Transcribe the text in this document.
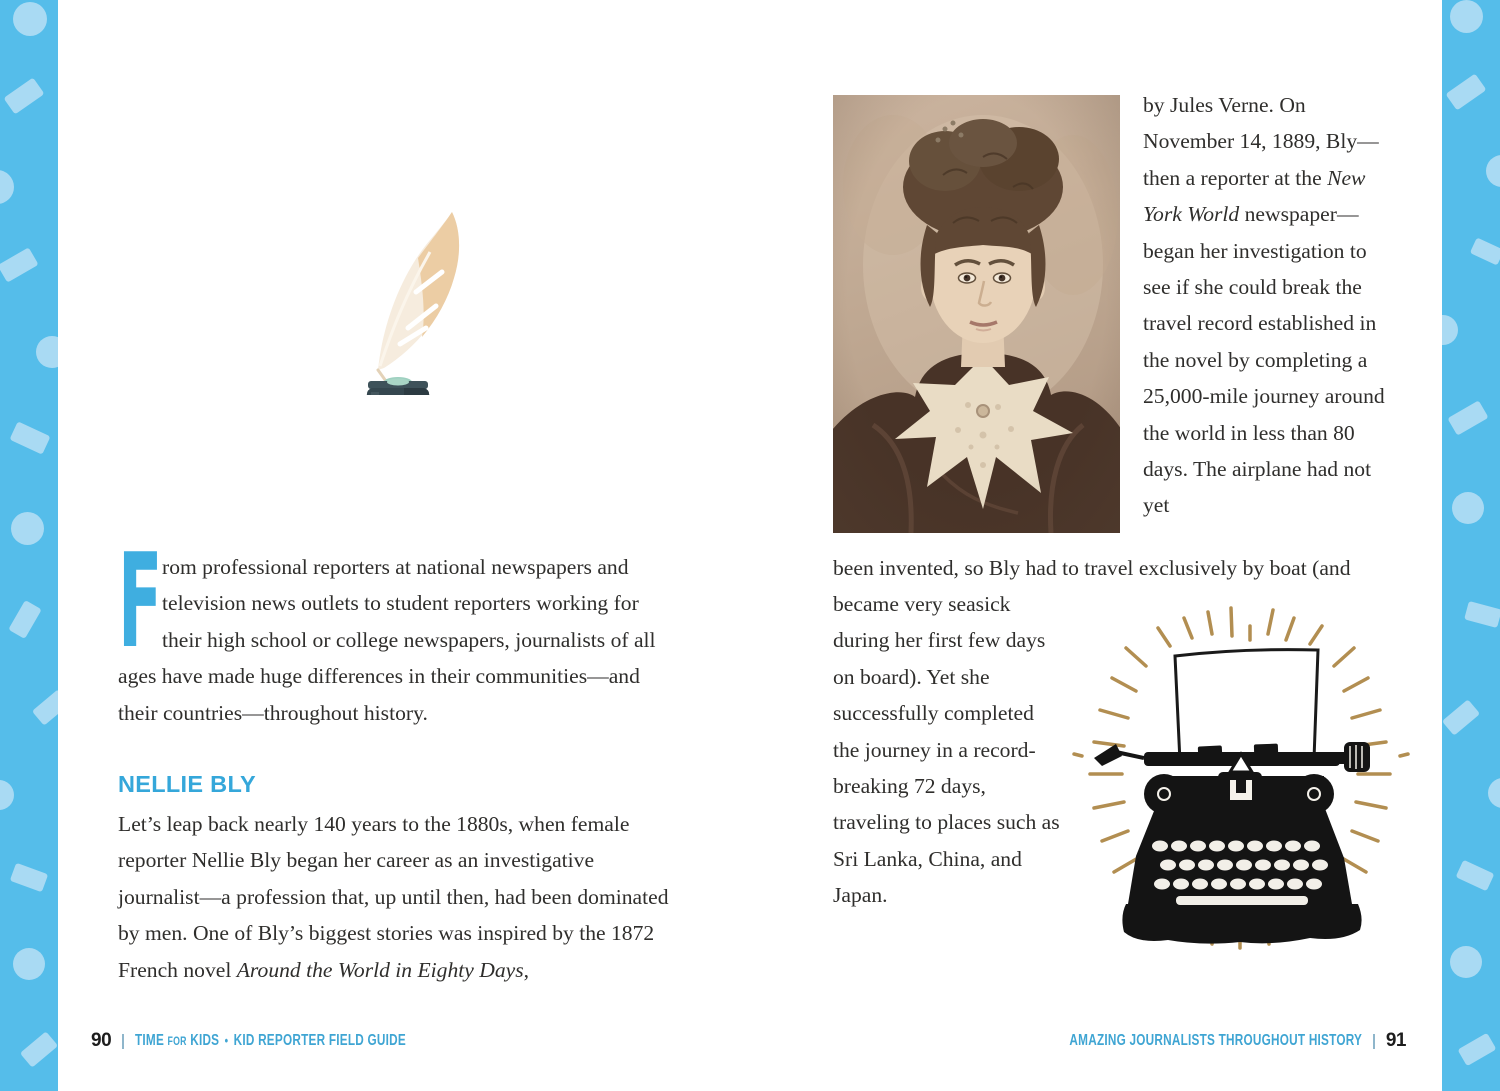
From professional reporters at national newspapers and television news outlets to student reporters working for their high school or college newspapers, journalists of all ages have made huge differences in their communities—and their countries—throughout history.
NELLIE BLY
Let’s leap back nearly 140 years to the 1880s, when female reporter Nellie Bly began her career as an investigative journalist—a profession that, up until then, had been dominated by men. One of Bly’s biggest stories was inspired by the 1872 French novel Around the World in Eighty Days,
90 TIME FOR KIDS • KID REPORTER FIELD GUIDE
by Jules Verne. On November 14, 1889, Bly—then a reporter at the New York World newspaper—began her investigation to see if she could break the travel record established in the novel by completing a 25,000-mile journey around the world in less than 80 days. The airplane had not yet
been invented, so Bly had to travel exclusively by boat (and
became very seasick during her first few days on board). Yet she successfully completed the journey in a record-breaking 72 days, traveling to places such as Sri Lanka, China, and Japan.
AMAZING JOURNALISTS THROUGHOUT HISTORY 91
